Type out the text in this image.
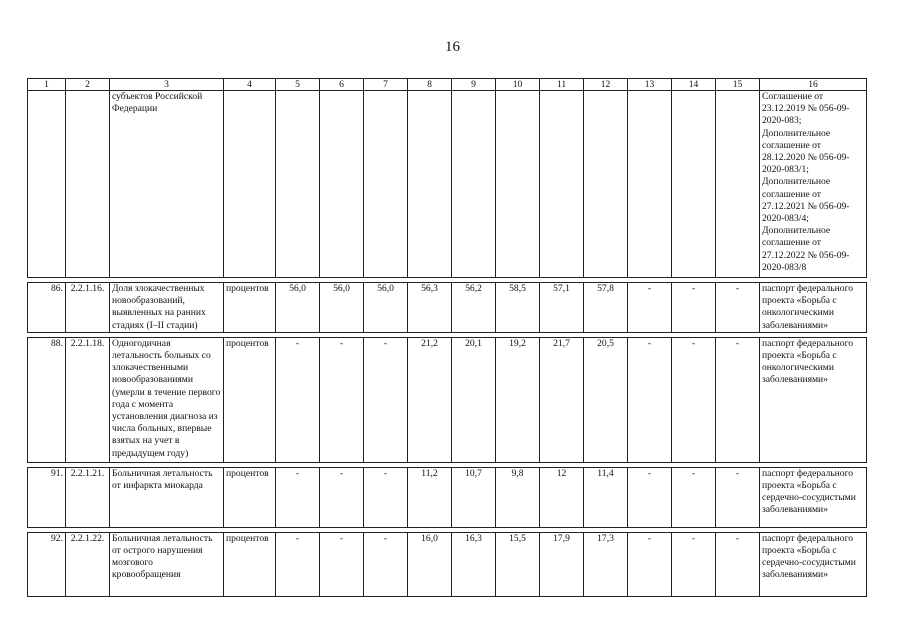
16
1	2	3	4	5	6	7	8	9	10	11	12	13	14	15	16
		субъектов Российской Федерации													Соглашение от 23.12.2019 № 056-09-2020-083; Дополнительное соглашение от 28.12.2020 № 056-09-2020-083/1; Дополнительное соглашение от 27.12.2021 № 056-09-2020-083/4; Дополнительное соглашение от 27.12.2022 № 056-09-2020-083/8

86.	2.2.1.16.	Доля злокачественных новообразований, выявленных на ранних стадиях (I–II стадии)	процентов	56,0	56,0	56,0	56,3	56,2	58,5	57,1	57,8	-	-	-	паспорт федерального проекта «Борьба с онкологическими заболеваниями»

88.	2.2.1.18.	Одногодичная летальность больных со злокачественными новообразованиями (умерли в течение первого года с момента установления диагноза из числа больных, впервые взятых на учет в предыдущем году)	процентов	-	-	-	21,2	20,1	19,2	21,7	20,5	-	-	-	паспорт федерального проекта «Борьба с онкологическими заболеваниями»

91.	2.2.1.21.	Больничная летальность от инфаркта миокарда	процентов	-	-	-	11,2	10,7	9,8	12	11,4	-	-	-	паспорт федерального проекта «Борьба с сердечно-сосудистыми заболеваниями»

92.	2.2.1.22.	Больничная летальность от острого нарушения мозгового кровообращения	процентов	-	-	-	16,0	16,3	15,5	17,9	17,3	-	-	-	паспорт федерального проекта «Борьба с сердечно-сосудистыми заболеваниями»
